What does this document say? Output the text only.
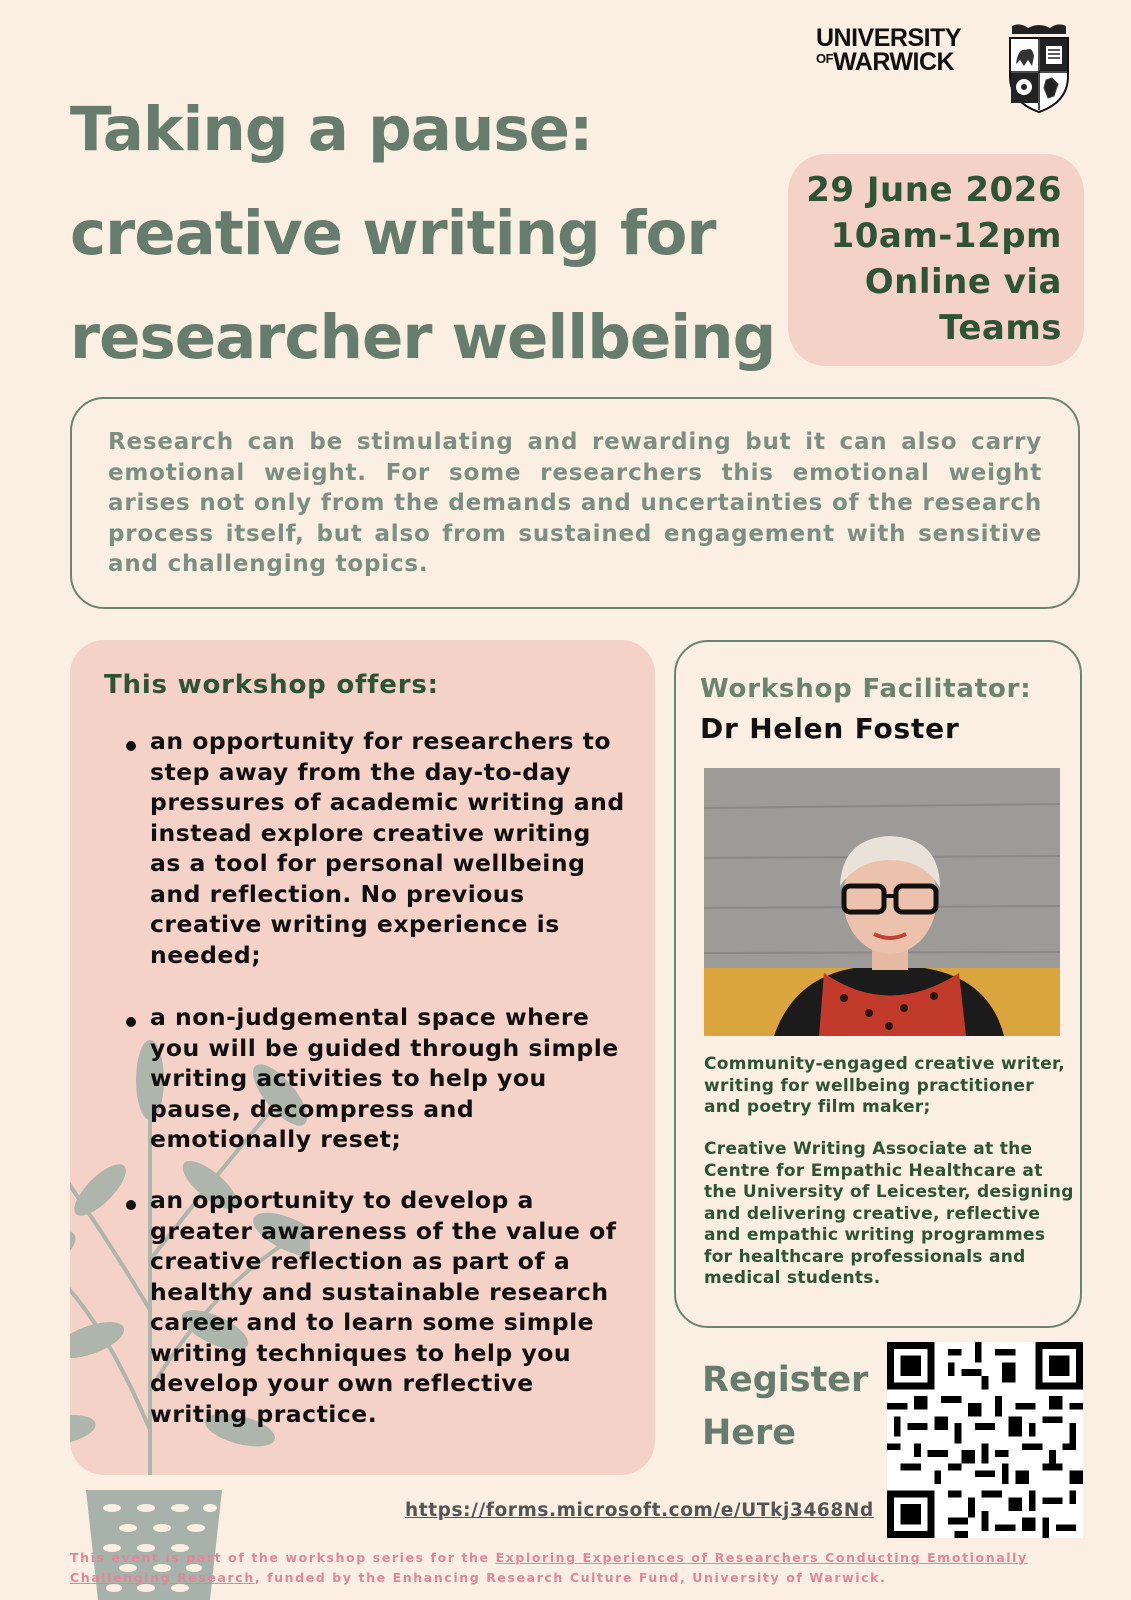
UNIVERSITY
$^{OF}$WARWICK
Taking a pause:
creative writing for
researcher wellbeing
29 June 2026
10am-12pm
Online via
Teams
Research can be stimulating and rewarding but it can also carry emotional weight. For some researchers this emotional weight arises not only from the demands and uncertainties of the research process itself, but also from sustained engagement with sensitive and challenging topics.
This workshop offers:
an opportunity for researchers to step away from the day-to-day pressures of academic writing and instead explore creative writing as a tool for personal wellbeing and reflection. No previous creative writing experience is needed;
a non-judgemental space where you will be guided through simple writing activities to help you pause, decompress and emotionally reset;
an opportunity to develop a greater awareness of the value of creative reflection as part of a healthy and sustainable research career and to learn some simple writing techniques to help you develop your own reflective writing practice.
Workshop Facilitator:
Dr Helen Foster
Community-engaged creative writer, writing for wellbeing practitioner and poetry film maker;
Creative Writing Associate at the Centre for Empathic Healthcare at the University of Leicester, designing and delivering creative, reflective and empathic writing programmes for healthcare professionals and medical students.
Register
Here
https://forms.microsoft.com/e/UTkj3468Nd
This event is part of the workshop series for the Exploring Experiences of Researchers Conducting Emotionally Challenging Research, funded by the Enhancing Research Culture Fund, University of Warwick.
